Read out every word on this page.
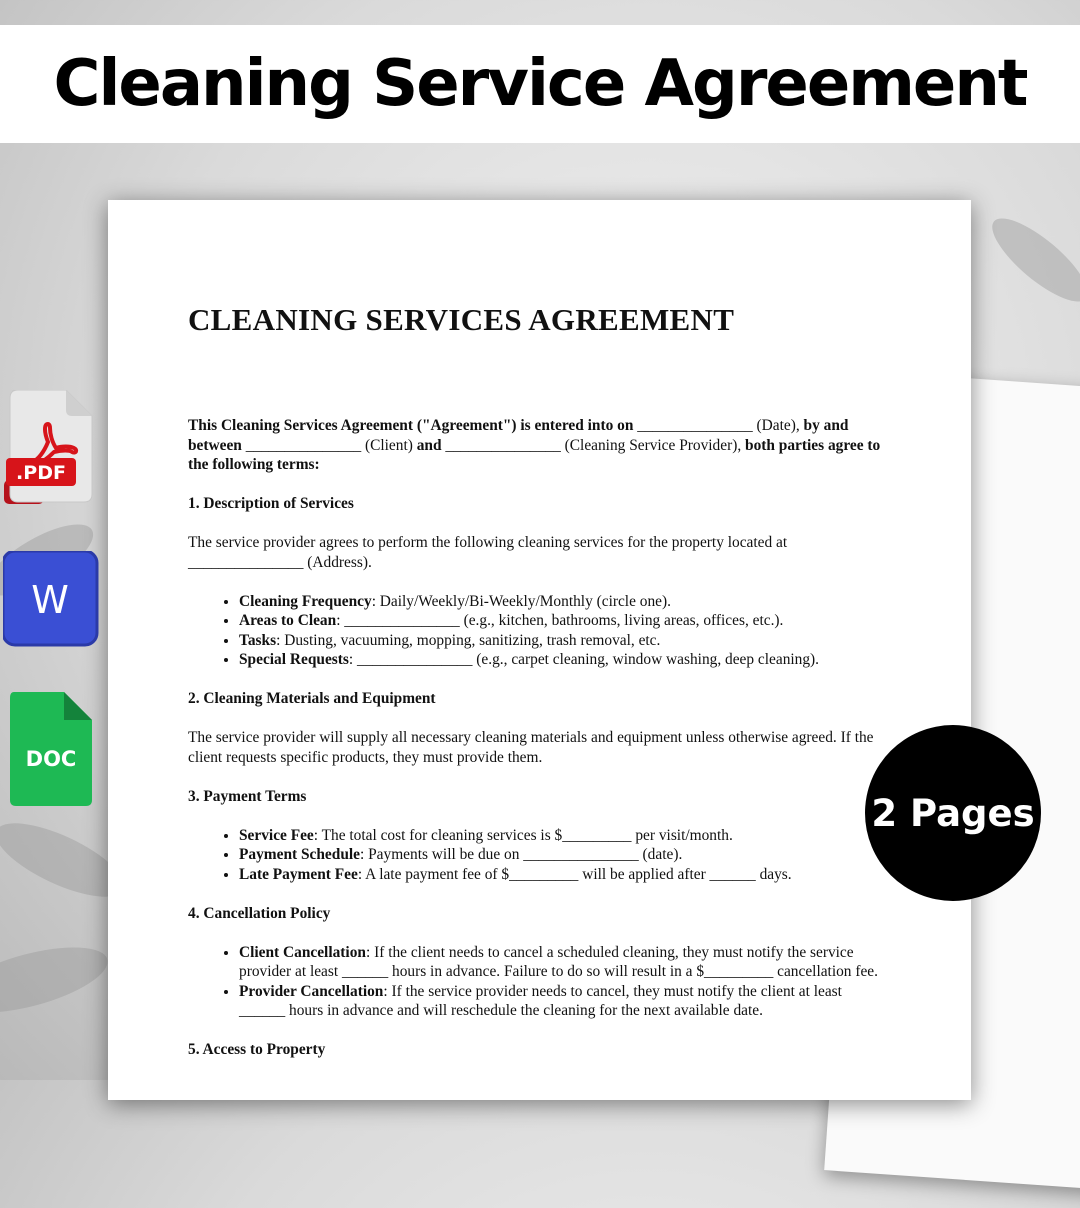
Cleaning Service Agreement
CLEANING SERVICES AGREEMENT

This Cleaning Services Agreement ("Agreement") is entered into on _______________ (Date), by and between _______________ (Client) and _______________ (Cleaning Service Provider), both parties agree to the following terms:

1. Description of Services

The service provider agrees to perform the following cleaning services for the property located at _______________ (Address).

• Cleaning Frequency: Daily/Weekly/Bi-Weekly/Monthly (circle one).
• Areas to Clean: _______________ (e.g., kitchen, bathrooms, living areas, offices, etc.).
• Tasks: Dusting, vacuuming, mopping, sanitizing, trash removal, etc.
• Special Requests: _______________ (e.g., carpet cleaning, window washing, deep cleaning).
2. Cleaning Materials and Equipment

The service provider will supply all necessary cleaning materials and equipment unless otherwise agreed. If the client requests specific products, they must provide them.

3. Payment Terms
• Service Fee: The total cost for cleaning services is $_________ per visit/month.
• Payment Schedule: Payments will be due on _______________ (date).
• Late Payment Fee: A late payment fee of $_________ will be applied after ______ days.
4. Cancellation Policy
• Client Cancellation: If the client needs to cancel a scheduled cleaning, they must notify the service provider at least ______ hours in advance. Failure to do so will result in a $_________ cancellation fee.
• Provider Cancellation: If the service provider needs to cancel, they must notify the client at least ______ hours in advance and will reschedule the cleaning for the next available date.
5. Access to Property
.PDF
W
DOC
2 Pages
